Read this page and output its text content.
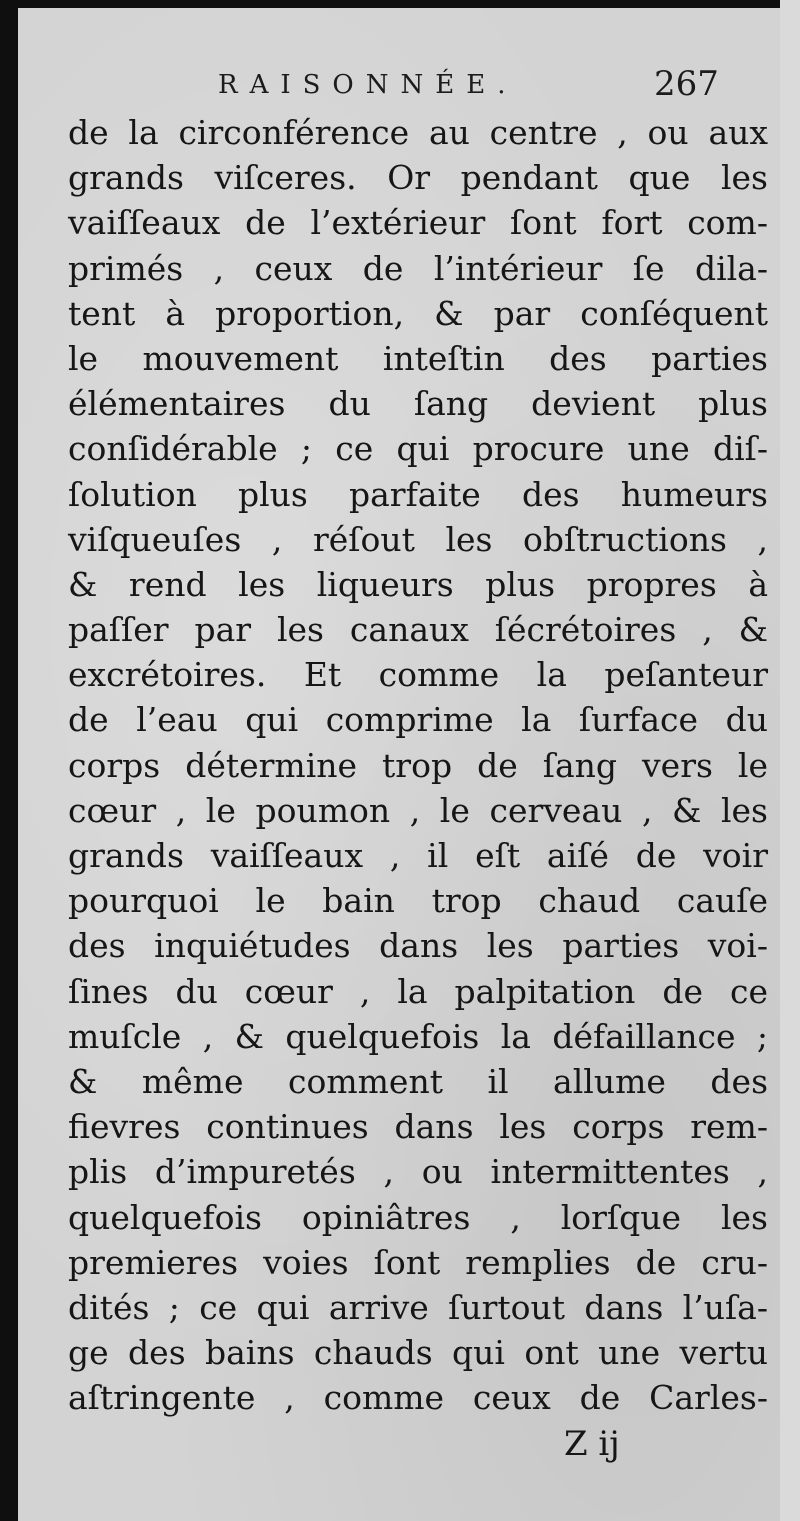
RAISONNÉE.	267
de la circonférence au centre , ou aux
grands viſceres. Or pendant que les
vaiſſeaux de l’extérieur ſont fort com-
primés , ceux de l’intérieur ſe dila-
tent à proportion, & par conſéquent
le mouvement inteſtin des parties
élémentaires du ſang devient plus
conſidérable ; ce qui procure une diſ-
ſolution plus parfaite des humeurs
viſqueuſes , réſout les obſtructions ,
& rend les liqueurs plus propres à
paſſer par les canaux ſécrétoires , &
excrétoires. Et comme la peſanteur
de l’eau qui comprime la ſurface du
corps détermine trop de ſang vers le
cœur , le poumon , le cerveau , & les
grands vaiſſeaux , il eſt aiſé de voir
pourquoi le bain trop chaud cauſe
des inquiétudes dans les parties voi-
ſines du cœur , la palpitation de ce
muſcle , & quelquefois la défaillance ;
& même comment il allume des
fievres continues dans les corps rem-
plis d’impuretés , ou intermittentes ,
quelquefois opiniâtres , lorſque les
premieres voies ſont remplies de cru-
dités ; ce qui arrive ſurtout dans l’uſa-
ge des bains chauds qui ont une vertu
aſtringente , comme ceux de Carles-
Z ij
